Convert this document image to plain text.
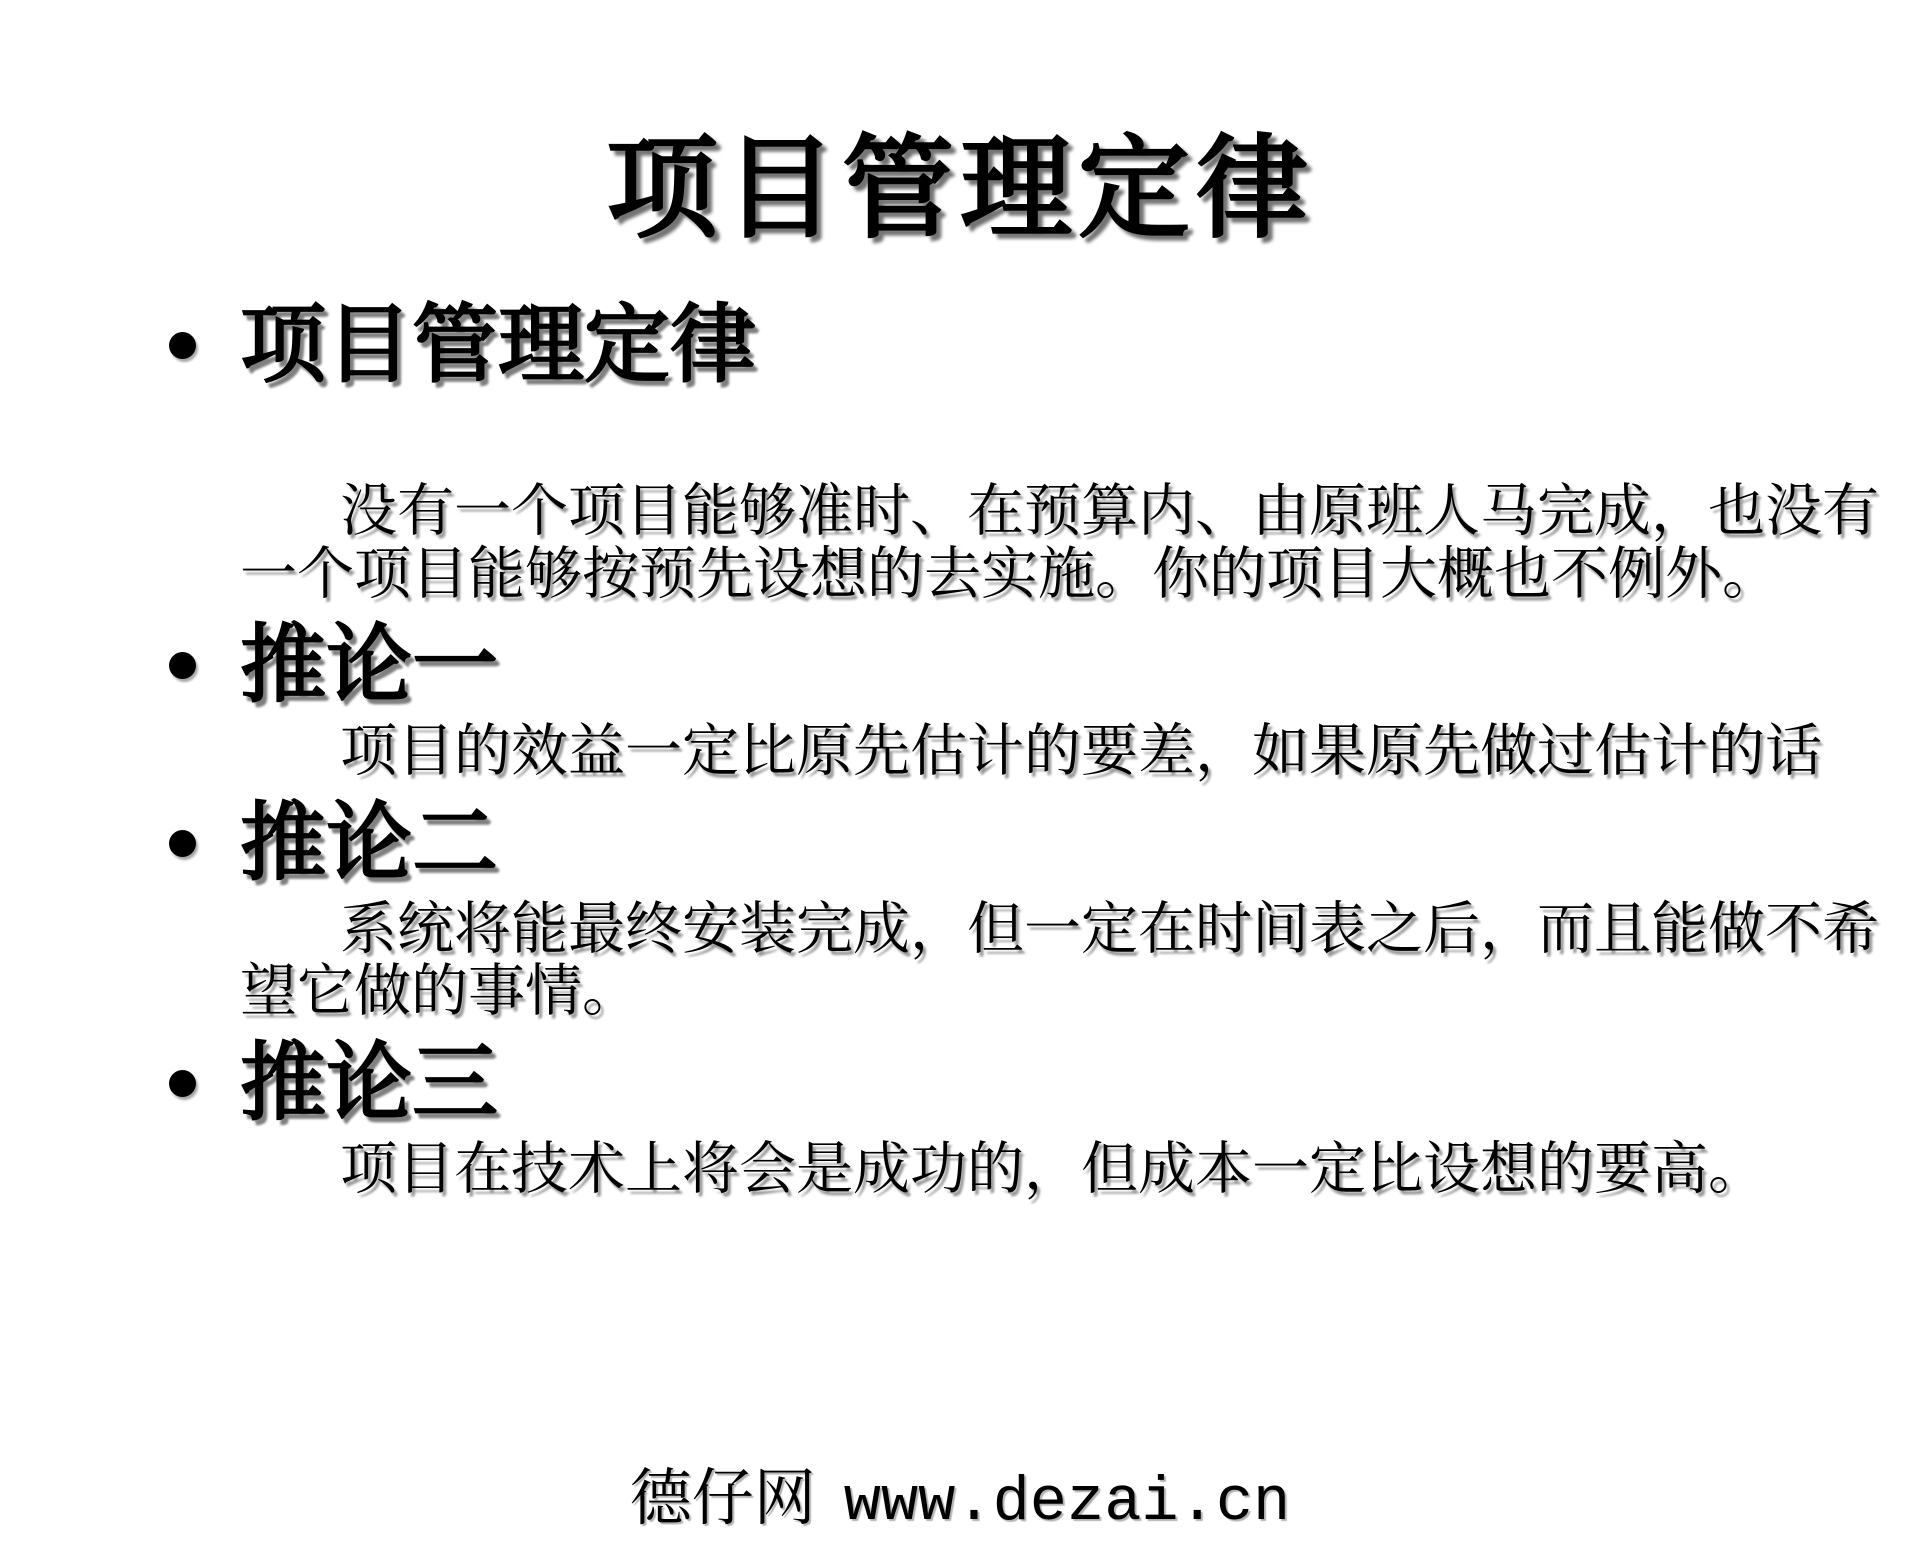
项目管理定律
项目管理定律
没有一个项目能够准时、在预算内、由原班人马完成，也没有一个项目能够按预先设想的去实施。你的项目大概也不例外。
推论一
项目的效益一定比原先估计的要差，如果原先做过估计的话
推论二
系统将能最终安装完成，但一定在时间表之后，而且能做不希望它做的事情。
推论三
项目在技术上将会是成功的，但成本一定比设想的要高。
德仔网 www.dezai.cn
